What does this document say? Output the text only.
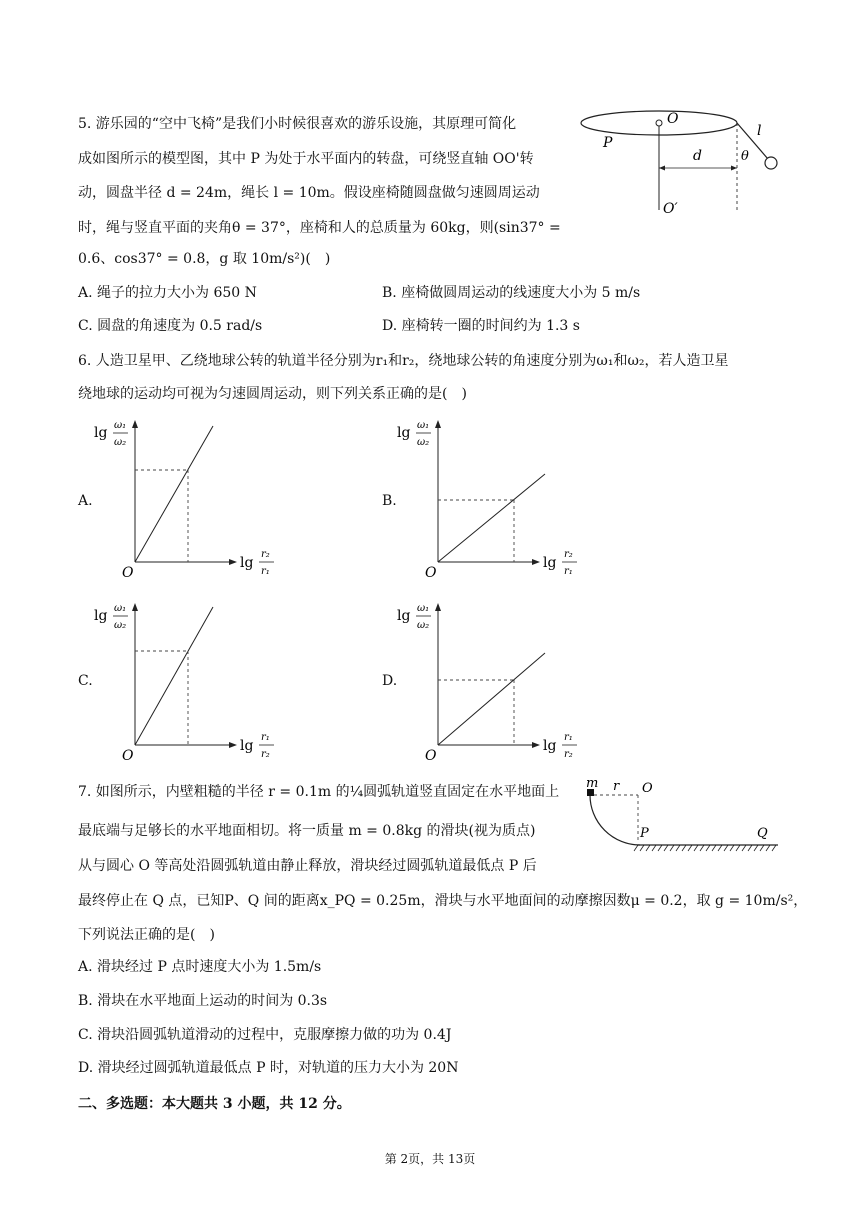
5. 游乐园的“空中飞椅”是我们小时候很喜欢的游乐设施，其原理可简化
成如图所示的模型图，其中 P 为处于水平面内的转盘，可绕竖直轴 OO'转
动，圆盘半径 d = 24m，绳长 l = 10m。假设座椅随圆盘做匀速圆周运动
时，绳与竖直平面的夹角θ = 37°，座椅和人的总质量为 60kg，则(sin37° =
0.6、cos37° = 0.8，g 取 10m/s²)(　)
A. 绳子的拉力大小为 650 N	B. 座椅做圆周运动的线速度大小为 5 m/s
C. 圆盘的角速度为 0.5 rad/s	D. 座椅转一圈的时间约为 1.3 s
O
P
l
d	θ
O′
6. 人造卫星甲、乙绕地球公转的轨道半径分别为r₁和r₂，绕地球公转的角速度分别为ω₁和ω₂，若人造卫星
绕地球的运动均可视为匀速圆周运动，则下列关系正确的是(　)
A.	B.
C.	D.
lg ω₁
ω₂
O
lg
r₂
r₁
lg ω₁
ω₂
O
lg
r₂
r₁
lg ω₁
ω₂
O
lg
r₁
r₂
lg ω₁
ω₂
O
lg
r₁
r₂
7. 如图所示，内壁粗糙的半径 r = 0.1m 的¼圆弧轨道竖直固定在水平地面上
最底端与足够长的水平地面相切。将一质量 m = 0.8kg 的滑块(视为质点)
从与圆心 O 等高处沿圆弧轨道由静止释放，滑块经过圆弧轨道最低点 P 后
最终停止在 Q 点，已知P、Q 间的距离x_PQ = 0.25m，滑块与水平地面间的动摩擦因数μ = 0.2，取 g = 10m/s²，
下列说法正确的是(　)
A. 滑块经过 P 点时速度大小为 1.5m/s
B. 滑块在水平地面上运动的时间为 0.3s
C. 滑块沿圆弧轨道滑动的过程中，克服摩擦力做的功为 0.4J
D. 滑块经过圆弧轨道最低点 P 时，对轨道的压力大小为 20N
m r O
P	Q
二、多选题：本大题共 3 小题，共 12 分。
第 2页，共 13页
